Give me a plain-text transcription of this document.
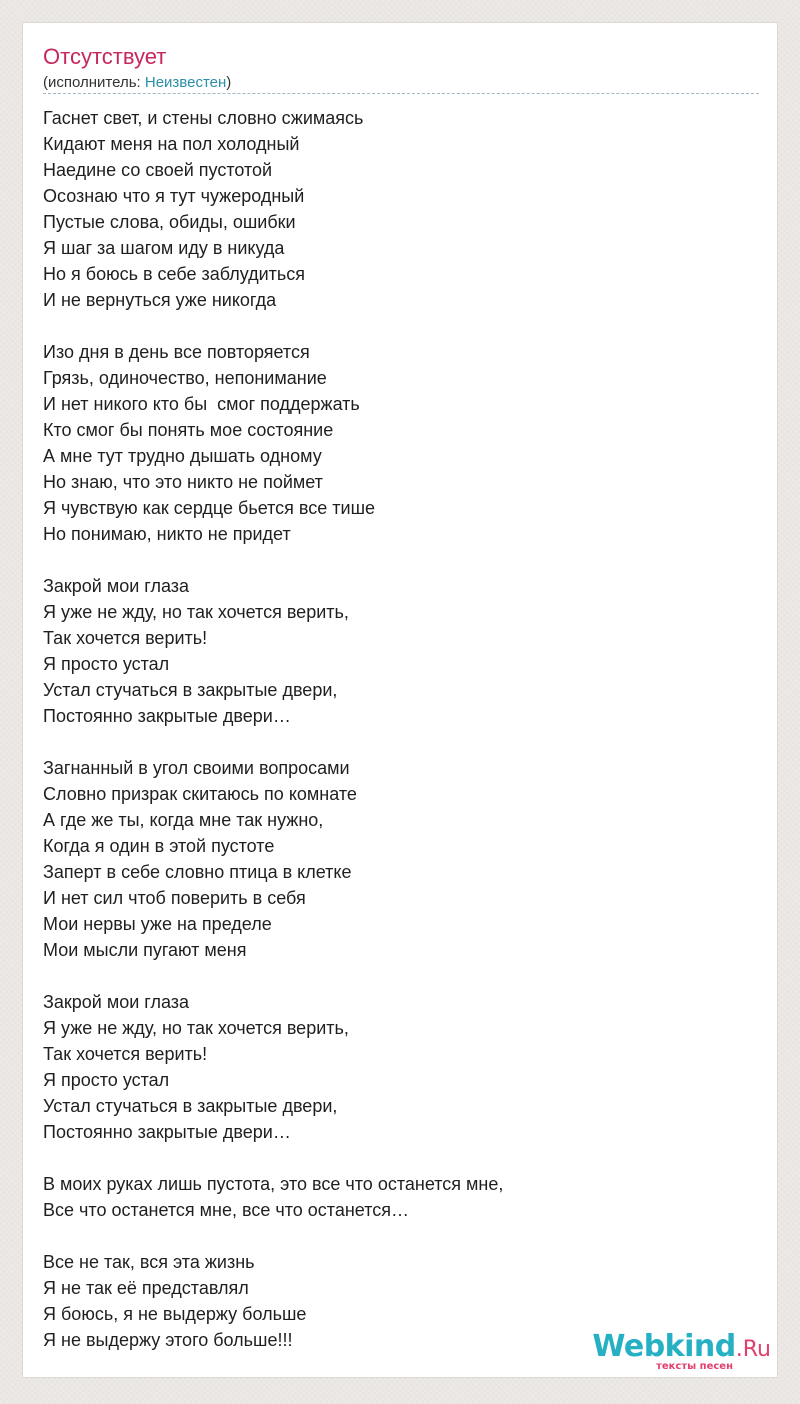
Отсутствует
(исполнитель: Неизвестен)
Гаснет свет, и стены словно сжимаясь
Кидают меня на пол холодный
Наедине со своей пустотой
Осознаю что я тут чужеродный
Пустые слова, обиды, ошибки
Я шаг за шагом иду в никуда
Но я боюсь в себе заблудиться
И не вернуться уже никогда
Изо дня в день все повторяется
Грязь, одиночество, непонимание
И нет никого кто бы  смог поддержать
Кто смог бы понять мое состояние
А мне тут трудно дышать одному
Но знаю, что это никто не поймет
Я чувствую как сердце бьется все тише
Но понимаю, никто не придет
Закрой мои глаза
Я уже не жду, но так хочется верить,
Так хочется верить!
Я просто устал
Устал стучаться в закрытые двери,
Постоянно закрытые двери…
Загнанный в угол своими вопросами
Словно призрак скитаюсь по комнате
А где же ты, когда мне так нужно,
Когда я один в этой пустоте
Заперт в себе словно птица в клетке
И нет сил чтоб поверить в себя
Мои нервы уже на пределе
Мои мысли пугают меня
Закрой мои глаза
Я уже не жду, но так хочется верить,
Так хочется верить!
Я просто устал
Устал стучаться в закрытые двери,
Постоянно закрытые двери…
В моих руках лишь пустота, это все что останется мне,
Все что останется мне, все что останется…
Все не так, вся эта жизнь
Я не так её представлял
Я боюсь, я не выдержу больше
Я не выдержу этого больше!!!	Webkind.Ru
тексты песен
